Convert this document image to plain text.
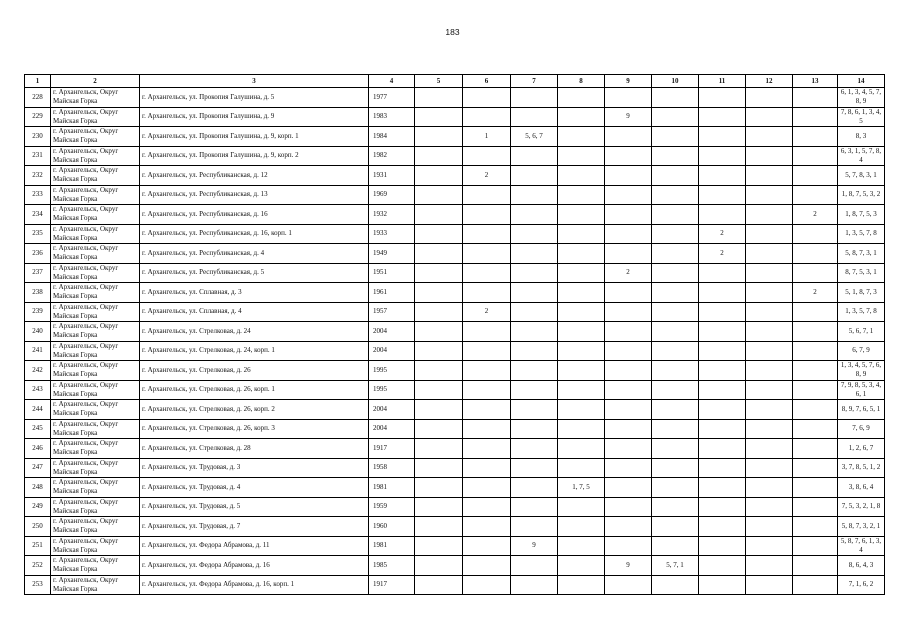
183
1	2	3	4	5	6	7	8	9	10	11	12	13	14
228	г. Архангельск, Округ Майская Горка	г. Архангельск, ул. Прокопия Галушина, д. 5	1977										6, 1, 3, 4, 5, 7, 8, 9
229	г. Архангельск, Округ Майская Горка	г. Архангельск, ул. Прокопия Галушина, д. 9	1983					9					7, 8, 6, 1, 3, 4, 5
230	г. Архангельск, Округ Майская Горка	г. Архангельск, ул. Прокопия Галушина, д. 9, корп. 1	1984		1	5, 6, 7							8, 3
231	г. Архангельск, Округ Майская Горка	г. Архангельск, ул. Прокопия Галушина, д. 9, корп. 2	1982										6, 3, 1, 5, 7, 8, 4
232	г. Архангельск, Округ Майская Горка	г. Архангельск, ул. Республиканская, д. 12	1931		2								5, 7, 8, 3, 1
233	г. Архангельск, Округ Майская Горка	г. Архангельск, ул. Республиканская, д. 13	1969										1, 8, 7, 5, 3, 2
234	г. Архангельск, Округ Майская Горка	г. Архангельск, ул. Республиканская, д. 16	1932									2	1, 8, 7, 5, 3
235	г. Архангельск, Округ Майская Горка	г. Архангельск, ул. Республиканская, д. 16, корп. 1	1933							2			1, 3, 5, 7, 8
236	г. Архангельск, Округ Майская Горка	г. Архангельск, ул. Республиканская, д. 4	1949							2			5, 8, 7, 3, 1
237	г. Архангельск, Округ Майская Горка	г. Архангельск, ул. Республиканская, д. 5	1951					2					8, 7, 5, 3, 1
238	г. Архангельск, Округ Майская Горка	г. Архангельск, ул. Сплавная, д. 3	1961									2	5, 1, 8, 7, 3
239	г. Архангельск, Округ Майская Горка	г. Архангельск, ул. Сплавная, д. 4	1957		2								1, 3, 5, 7, 8
240	г. Архангельск, Округ Майская Горка	г. Архангельск, ул. Стрелковая, д. 24	2004										5, 6, 7, 1
241	г. Архангельск, Округ Майская Горка	г. Архангельск, ул. Стрелковая, д. 24, корп. 1	2004										6, 7, 9
242	г. Архангельск, Округ Майская Горка	г. Архангельск, ул. Стрелковая, д. 26	1995										1, 3, 4, 5, 7, 6, 8, 9
243	г. Архангельск, Округ Майская Горка	г. Архангельск, ул. Стрелковая, д. 26, корп. 1	1995										7, 9, 8, 5, 3, 4, 6, 1
244	г. Архангельск, Округ Майская Горка	г. Архангельск, ул. Стрелковая, д. 26, корп. 2	2004										8, 9, 7, 6, 5, 1
245	г. Архангельск, Округ Майская Горка	г. Архангельск, ул. Стрелковая, д. 26, корп. 3	2004										7, 6, 9
246	г. Архангельск, Округ Майская Горка	г. Архангельск, ул. Стрелковая, д. 28	1917										1, 2, 6, 7
247	г. Архангельск, Округ Майская Горка	г. Архангельск, ул. Трудовая, д. 3	1958										3, 7, 8, 5, 1, 2
248	г. Архангельск, Округ Майская Горка	г. Архангельск, ул. Трудовая, д. 4	1981				1, 7, 5						3, 8, 6, 4
249	г. Архангельск, Округ Майская Горка	г. Архангельск, ул. Трудовая, д. 5	1959										7, 5, 3, 2, 1, 8
250	г. Архангельск, Округ Майская Горка	г. Архангельск, ул. Трудовая, д. 7	1960										5, 8, 7, 3, 2, 1
251	г. Архангельск, Округ Майская Горка	г. Архангельск, ул. Федора Абрамова, д. 11	1981			9							5, 8, 7, 6, 1, 3, 4
252	г. Архангельск, Округ Майская Горка	г. Архангельск, ул. Федора Абрамова, д. 16	1985					9	5, 7, 1				8, 6, 4, 3
253	г. Архангельск, Округ Майская Горка	г. Архангельск, ул. Федора Абрамова, д. 16, корп. 1	1917										7, 1, 6, 2
